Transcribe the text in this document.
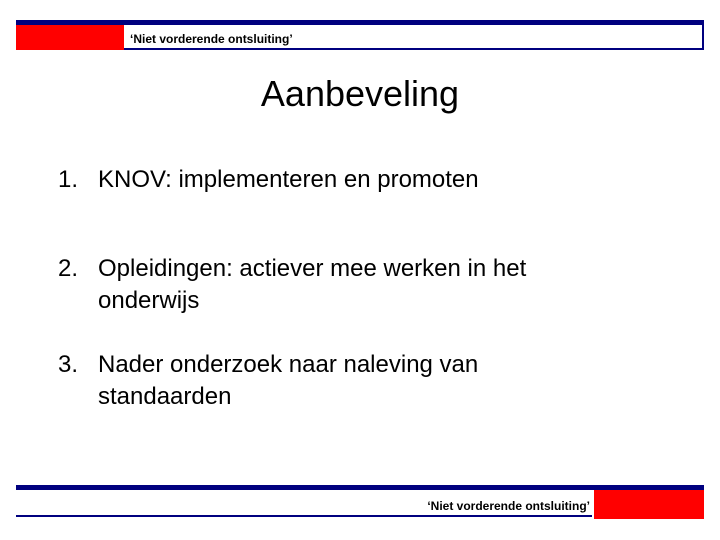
‘Niet vorderende ontsluiting’
Aanbeveling
1. KNOV: implementeren en promoten
2. Opleidingen: actiever mee werken in het
onderwijs
3. Nader onderzoek naar naleving van
standaarden
‘Niet vorderende ontsluiting’
